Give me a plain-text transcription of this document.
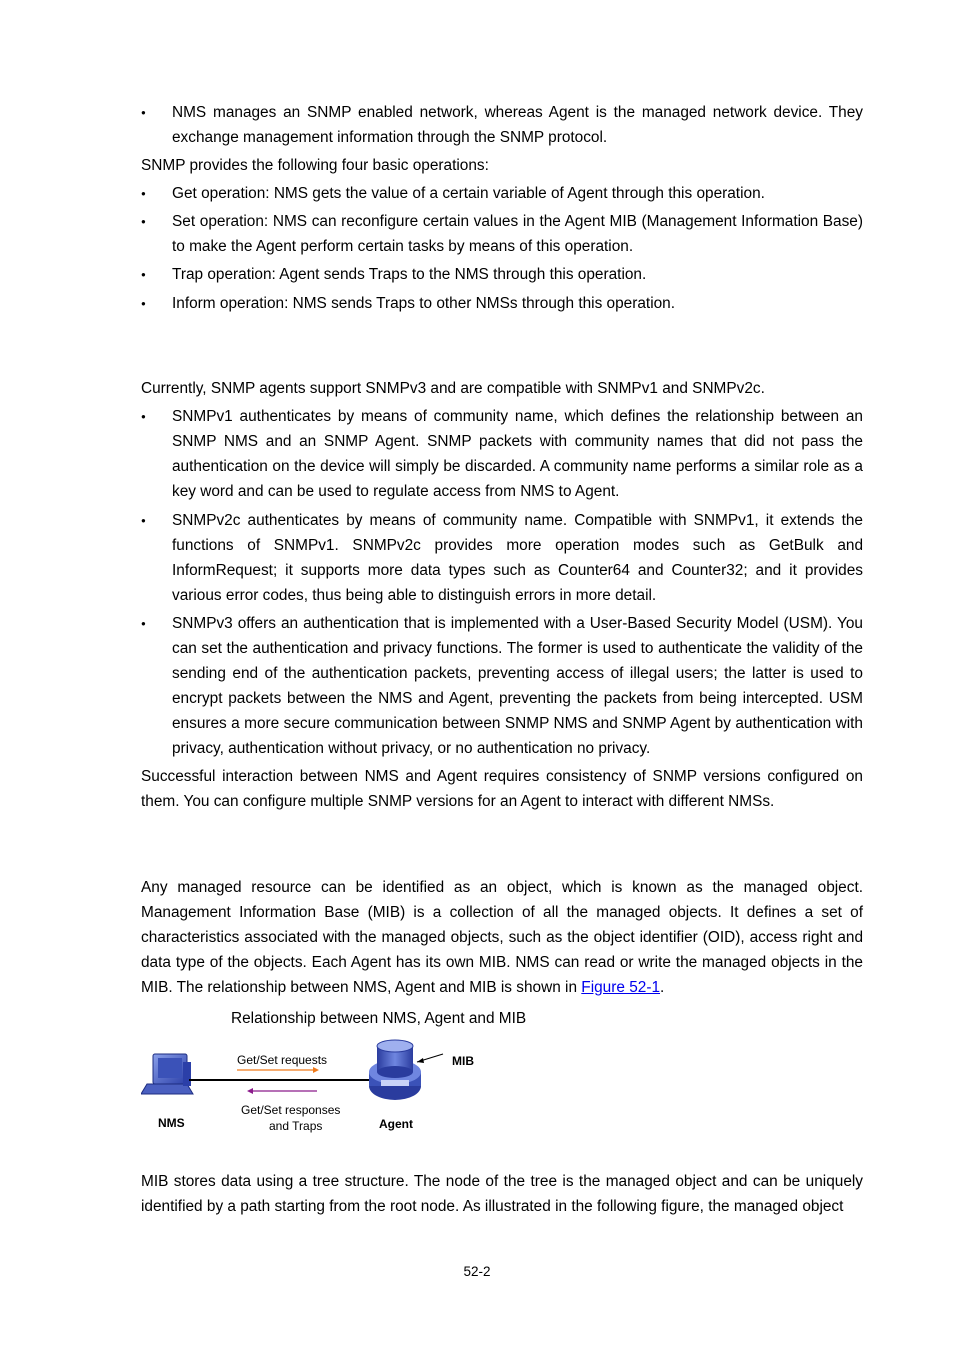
●
NMS manages an SNMP enabled network, whereas Agent is the managed network device. They exchange management information through the SNMP protocol.
SNMP provides the following four basic operations:
●
Get operation: NMS gets the value of a certain variable of Agent through this operation.
●
Set operation: NMS can reconfigure certain values in the Agent MIB (Management Information Base) to make the Agent perform certain tasks by means of this operation.
●
Trap operation: Agent sends Traps to the NMS through this operation.
●
Inform operation: NMS sends Traps to other NMSs through this operation.
Currently, SNMP agents support SNMPv3 and are compatible with SNMPv1 and SNMPv2c.
●
SNMPv1 authenticates by means of community name, which defines the relationship between an SNMP NMS and an SNMP Agent. SNMP packets with community names that did not pass the authentication on the device will simply be discarded. A community name performs a similar role as a key word and can be used to regulate access from NMS to Agent.
●
SNMPv2c authenticates by means of community name. Compatible with SNMPv1, it extends the functions of SNMPv1. SNMPv2c provides more operation modes such as GetBulk and InformRequest; it supports more data types such as Counter64 and Counter32; and it provides various error codes, thus being able to distinguish errors in more detail.
●
SNMPv3 offers an authentication that is implemented with a User-Based Security Model (USM). You can set the authentication and privacy functions. The former is used to authenticate the validity of the sending end of the authentication packets, preventing access of illegal users; the latter is used to encrypt packets between the NMS and Agent, preventing the packets from being intercepted. USM ensures a more secure communication between SNMP NMS and SNMP Agent by authentication with privacy, authentication without privacy, or no authentication no privacy.
Successful interaction between NMS and Agent requires consistency of SNMP versions configured on them. You can configure multiple SNMP versions for an Agent to interact with different NMSs.
Any managed resource can be identified as an object, which is known as the managed object. Management Information Base (MIB) is a collection of all the managed objects. It defines a set of characteristics associated with the managed objects, such as the object identifier (OID), access right and data type of the objects. Each Agent has its own MIB. NMS can read or write the managed objects in the MIB. The relationship between NMS, Agent and MIB is shown in Figure 52-1.
Relationship between NMS, Agent and MIB
Get/Set requests
Get/Set responses
and Traps
NMS	Agent
MIB
MIB stores data using a tree structure. The node of the tree is the managed object and can be uniquely identified by a path starting from the root node. As illustrated in the following figure, the managed object
52-2
